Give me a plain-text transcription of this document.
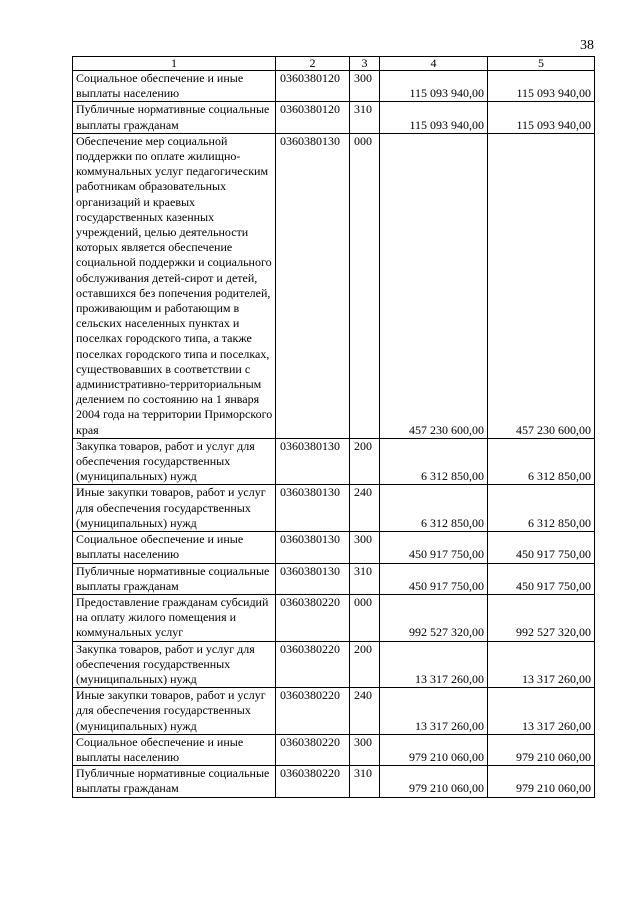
38
1	2	3	4	5
Социальное обеспечение и иные выплаты населению	0360380120	300	115 093 940,00	115 093 940,00
Публичные нормативные социальные выплаты гражданам	0360380120	310	115 093 940,00	115 093 940,00
Обеспечение мер социальной поддержки по оплате жилищно-коммунальных услуг педагогическим работникам образовательных организаций и краевых государственных казенных учреждений, целью деятельности которых является обеспечение социальной поддержки и социального обслуживания детей-сирот и детей, оставшихся без попечения родителей, проживающим и работающим в сельских населенных пунктах и поселках городского типа, а также поселках городского типа и поселках, существовавших в соответствии с административно-территориальным делением по состоянию на 1 января 2004 года на территории Приморского края	0360380130	000	457 230 600,00	457 230 600,00
Закупка товаров, работ и услуг для обеспечения государственных (муниципальных) нужд	0360380130	200	6 312 850,00	6 312 850,00
Иные закупки товаров, работ и услуг для обеспечения государственных (муниципальных) нужд	0360380130	240	6 312 850,00	6 312 850,00
Социальное обеспечение и иные выплаты населению	0360380130	300	450 917 750,00	450 917 750,00
Публичные нормативные социальные выплаты гражданам	0360380130	310	450 917 750,00	450 917 750,00
Предоставление гражданам субсидий на оплату жилого помещения и коммунальных услуг	0360380220	000	992 527 320,00	992 527 320,00
Закупка товаров, работ и услуг для обеспечения государственных (муниципальных) нужд	0360380220	200	13 317 260,00	13 317 260,00
Иные закупки товаров, работ и услуг для обеспечения государственных (муниципальных) нужд	0360380220	240	13 317 260,00	13 317 260,00
Социальное обеспечение и иные выплаты населению	0360380220	300	979 210 060,00	979 210 060,00
Публичные нормативные социальные выплаты гражданам	0360380220	310	979 210 060,00	979 210 060,00
